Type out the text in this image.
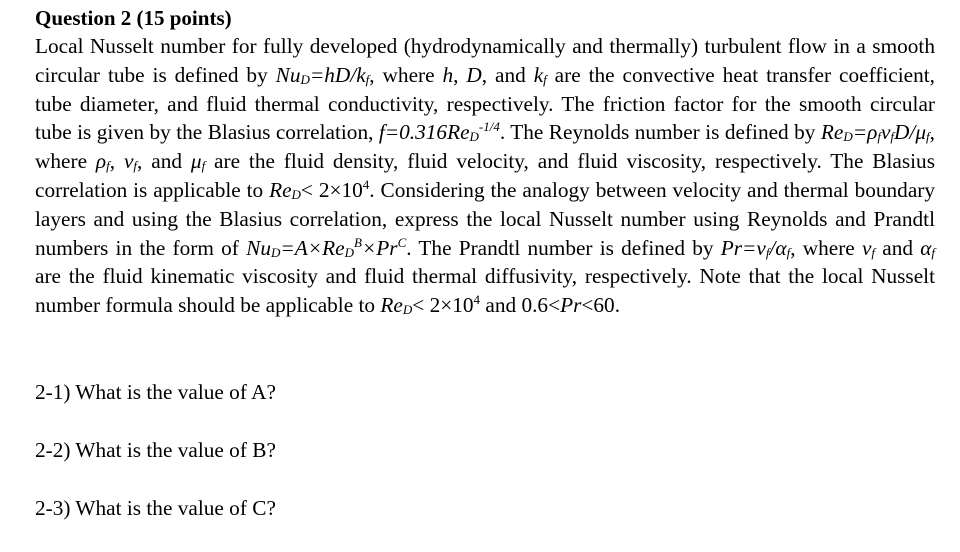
Question 2 (15 points)

Local Nusselt number for fully developed (hydrodynamically and thermally) turbulent flow in a smooth circular tube is defined by $Nu_D=hD/k_f$, where h, D, and $k_f$ are the convective heat transfer coefficient, tube diameter, and fluid thermal conductivity, respectively. The friction factor for the smooth circular tube is given by the Blasius correlation, $f=0.316Re_D^{-1/4}$. The Reynolds number is defined by $Re_D=\rho_fv_fD/\mu_f$, where $\rho_f$, $v_f$, and $\mu_f$ are the fluid density, fluid velocity, and fluid viscosity, respectively. The Blasius correlation is applicable to $Re_D< 2\times 10^4$. Considering the analogy between velocity and thermal boundary layers and using the Blasius correlation, express the local Nusselt number using Reynolds and Prandtl numbers in the form of $Nu_D=A\times Re_D^B\times Pr^C$. The Prandtl number is defined by $Pr=\nu_f/\alpha_f$, where $\nu_f$ and $\alpha_f$ are the fluid kinematic viscosity and fluid thermal diffusivity, respectively. Note that the local Nusselt number formula should be applicable to $Re_D< 2\times 10^4$ and 0.6<Pr<60.

2-1) What is the value of A?

2-2) What is the value of B?

2-3) What is the value of C?
